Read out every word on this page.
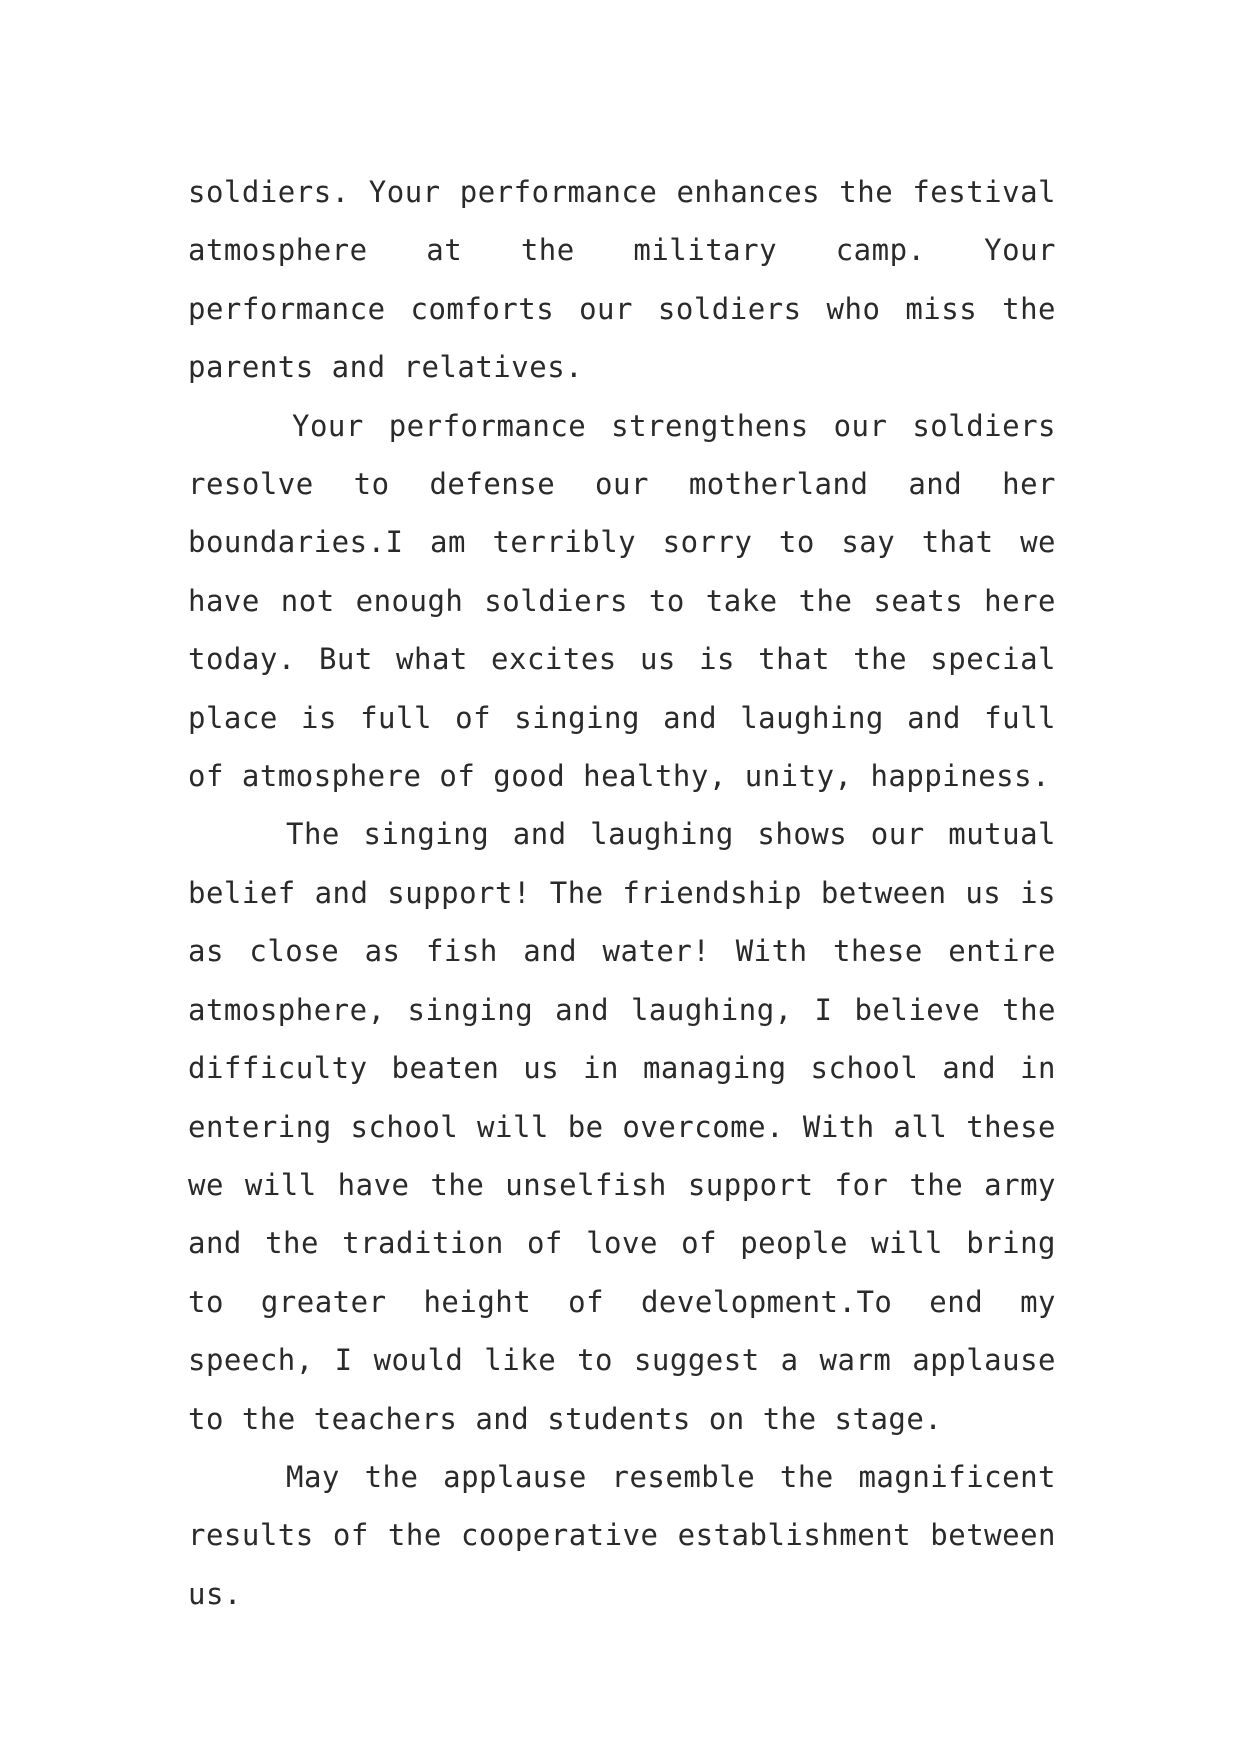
soldiers. Your performance enhances the festival atmosphere at the military camp. Your performance comforts our soldiers who miss the parents and relatives.

Your performance strengthens our soldiers resolve to defense our motherland and her boundaries.I am terribly sorry to say that we have not enough soldiers to take the seats here today. But what excites us is that the special place is full of singing and laughing and full of atmosphere of good healthy, unity, happiness.

The singing and laughing shows our mutual belief and support! The friendship between us is as close as fish and water! With these entire atmosphere, singing and laughing, I believe the difficulty beaten us in managing school and in entering school will be overcome. With all these we will have the unselfish support for the army and the tradition of love of people will bring to greater height of development.To end my speech, I would like to suggest a warm applause to the teachers and students on the stage.

May the applause resemble the magnificent results of the cooperative establishment between us.
